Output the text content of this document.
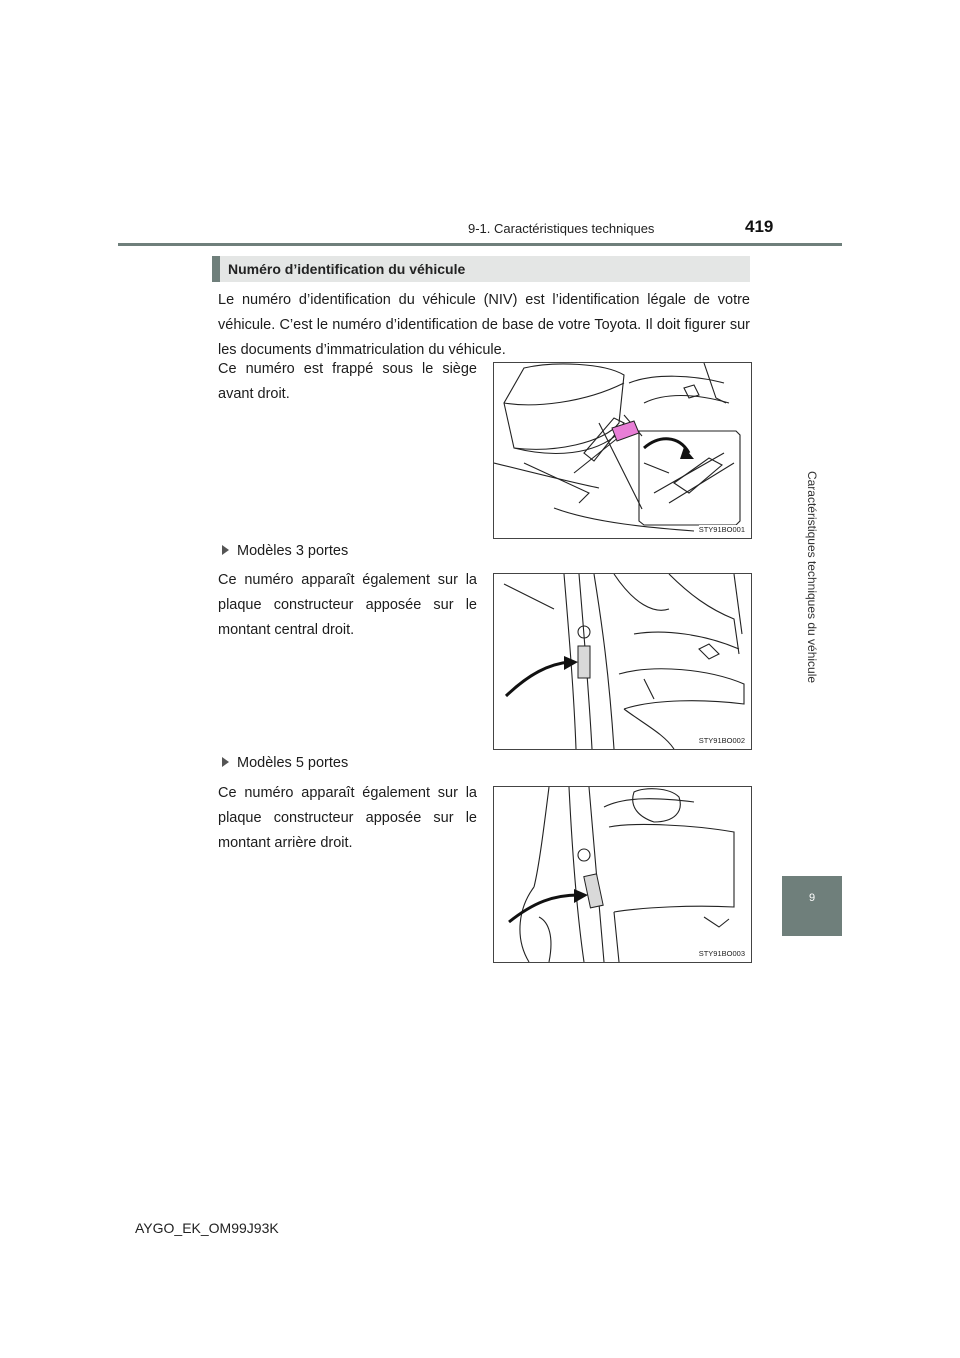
9-1. Caractéristiques techniques	419
Caractéristiques techniques du véhicule
9
Numéro d’identification du véhicule
Le numéro d’identification du véhicule (NIV) est l’identification légale de votre véhicule. C’est le numéro d’identification de base de votre Toyota. Il doit figurer sur les documents d’immatriculation du véhicule.
Ce numéro est frappé sous le siège avant droit.
STY91BO001
Modèles 3 portes
Ce numéro apparaît également sur la plaque constructeur apposée sur le montant central droit.
STY91BO002
Modèles 5 portes
Ce numéro apparaît également sur la plaque constructeur apposée sur le montant arrière droit.
STY91BO003
AYGO_EK_OM99J93K
